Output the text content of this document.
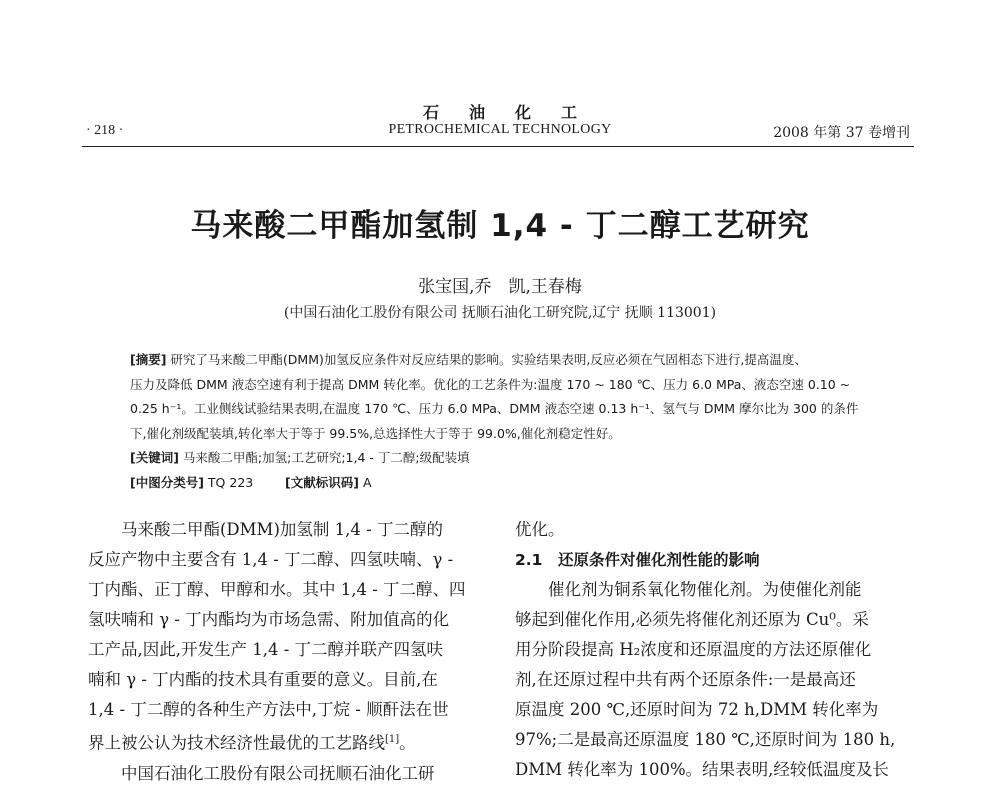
石油化工
PETROCHEMICAL TECHNOLOGY
· 218 ·	2008 年第 37 卷增刊
马来酸二甲酯加氢制 1,4 - 丁二醇工艺研究
张宝国,乔　凯,王春梅
(中国石油化工股份有限公司 抚顺石油化工研究院,辽宁 抚顺 113001)
[摘要] 研究了马来酸二甲酯(DMM)加氢反应条件对反应结果的影响。实验结果表明,反应必须在气固相态下进行,提高温度、
压力及降低 DMM 液态空速有利于提高 DMM 转化率。优化的工艺条件为:温度 170 ~ 180 ℃、压力 6.0 MPa、液态空速 0.10 ~
0.25 h⁻¹。工业侧线试验结果表明,在温度 170 ℃、压力 6.0 MPa、DMM 液态空速 0.13 h⁻¹、氢气与 DMM 摩尔比为 300 的条件
下,催化剂级配装填,转化率大于等于 99.5%,总选择性大于等于 99.0%,催化剂稳定性好。
[关键词] 马来酸二甲酯;加氢;工艺研究;1,4 - 丁二醇;级配装填
[中图分类号] TQ 223	[文献标识码] A
马来酸二甲酯(DMM)加氢制 1,4 - 丁二醇的
反应产物中主要含有 1,4 - 丁二醇、四氢呋喃、γ -
丁内酯、正丁醇、甲醇和水。其中 1,4 - 丁二醇、四
氢呋喃和 γ - 丁内酯均为市场急需、附加值高的化
工产品,因此,开发生产 1,4 - 丁二醇并联产四氢呋
喃和 γ - 丁内酯的技术具有重要的意义。目前,在
1,4 - 丁二醇的各种生产方法中,丁烷 - 顺酐法在世
界上被公认为技术经济性最优的工艺路线[1]。
中国石油化工股份有限公司抚顺石油化工研
优化。
2.1　还原条件对催化剂性能的影响
催化剂为铜系氧化物催化剂。为使催化剂能
够起到催化作用,必须先将催化剂还原为 Cu⁰。采
用分阶段提高 H₂浓度和还原温度的方法还原催化
剂,在还原过程中共有两个还原条件:一是最高还
原温度 200 ℃,还原时间为 72 h,DMM 转化率为
97%;二是最高还原温度 180 ℃,还原时间为 180 h,
DMM 转化率为 100%。结果表明,经较低温度及长
